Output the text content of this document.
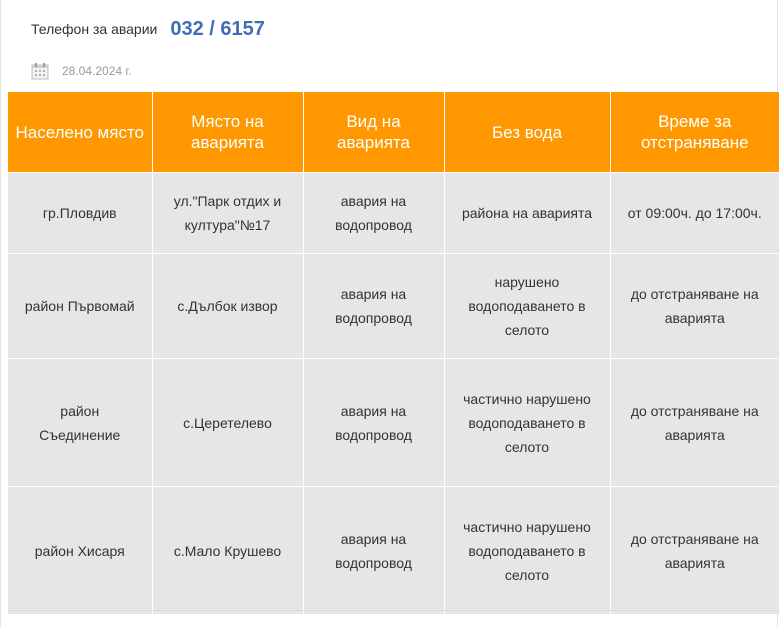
Телефон за аварии 032 / 6157
28.04.2024 г.
Населено място	Място на аварията	Вид на аварията	Без вода	Време за отстраняване
гр.Пловдив	ул."Парк отдих и култура"№17	авария на водопровод	района на аварията	от 09:00ч. до 17:00ч.
район Първомай	с.Дълбок извор	авария на водопровод	нарушено водоподаването в селото	до отстраняване на аварията
район Съединение	с.Церетелево	авария на водопровод	частично нарушено водоподаването в селото	до отстраняване на аварията
район Хисаря	с.Мало Крушево	авария на водопровод	частично нарушено водоподаването в селото	до отстраняване на аварията
